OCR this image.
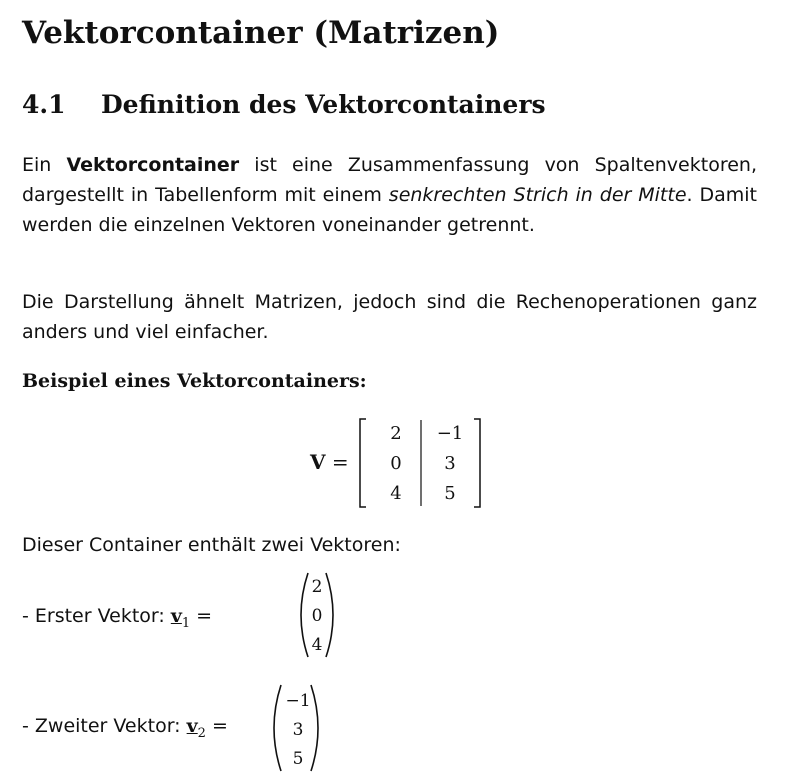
Vektorcontainer (Matrizen)
4.1 Definition des Vektorcontainers

Ein Vektorcontainer ist eine Zusammenfassung von Spaltenvektoren, dargestellt in Tabellenform mit einem senkrechten Strich in der Mitte. Damit werden die einzelnen Vektoren voneinander getrennt.

Die Darstellung ähnelt Matrizen, jedoch sind die Rechenoperationen ganz anders und viel einfacher.

Beispiel eines Vektorcontainers:

V =
2
0
4
−1
3
5

Dieser Container enthält zwei Vektoren:

- Erster Vektor: $v_1$ =
2
0
4
- Zweiter Vektor: $v_2$ =
−1
3
5
